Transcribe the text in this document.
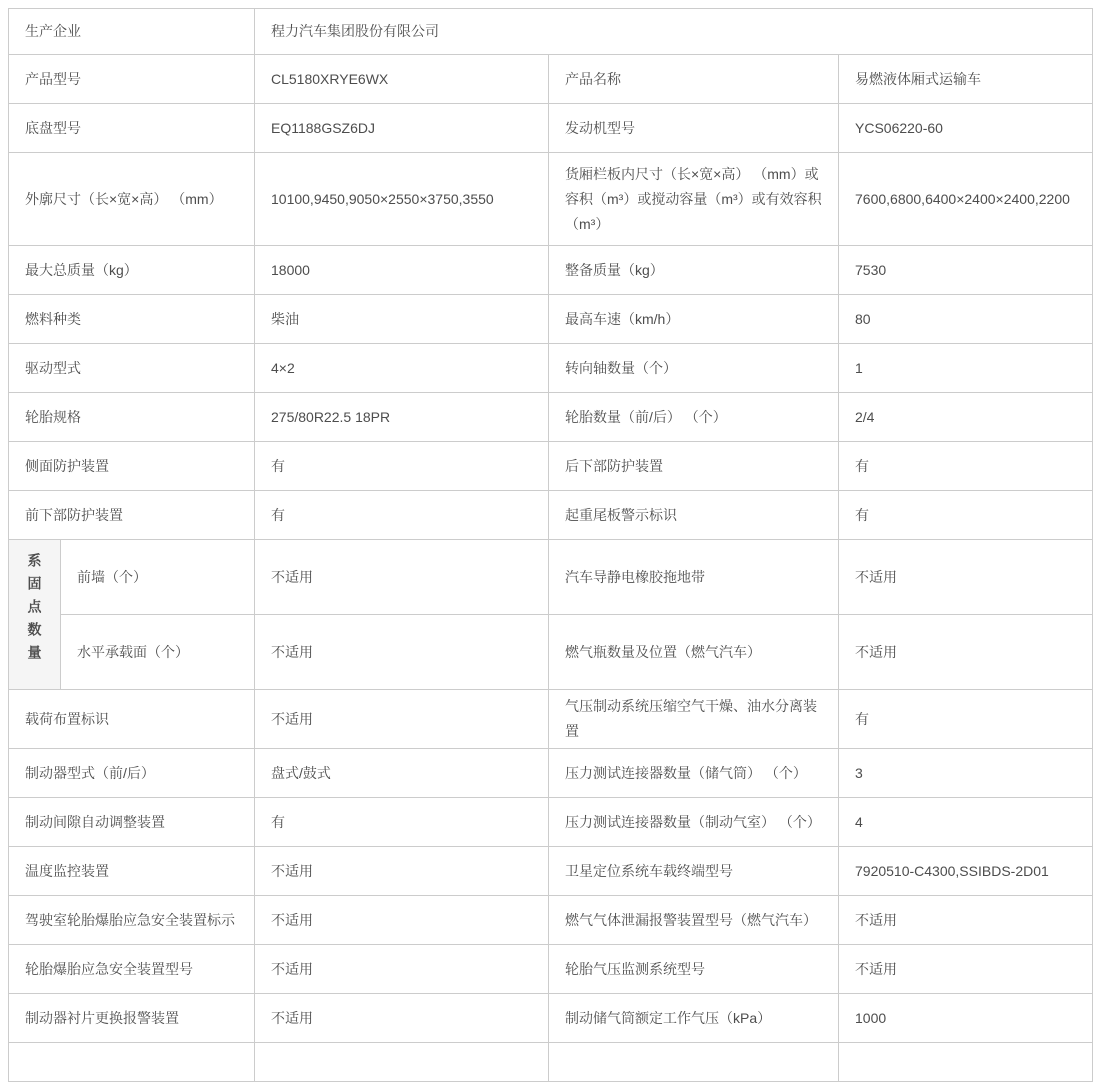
生产企业		程力汽车集团股份有限公司		
产品型号		CL5180XRYE6WX	产品名称	易燃液体厢式运输车
底盘型号		EQ1188GSZ6DJ	发动机型号	YCS06220-60
外廓尺寸（长×宽×高） （mm）		10100,9450,9050×2550×3750,3550	货厢栏板内尺寸（长×宽×高） （mm）或容积（m³）或搅动容量（m³）或有效容积 （m³）	7600,6800,6400×2400×2400,2200
最大总质量（kg）		18000	整备质量（kg）	7530
燃料种类		柴油	最高车速（km/h）	80
驱动型式		4×2	转向轴数量（个）	1
轮胎规格		275/80R22.5 18PR	轮胎数量（前/后） （个）	2/4
侧面防护装置		有	后下部防护装置	有
前下部防护装置		有	起重尾板警示标识	有
系固点数量	前墙（个）	不适用	汽车导静电橡胶拖地带	不适用
	水平承载面（个）	不适用	燃气瓶数量及位置（燃气汽车）	不适用
载荷布置标识		不适用	气压制动系统压缩空气干燥、油水分离装置	有
制动器型式（前/后）		盘式/鼓式	压力测试连接器数量（储气筒） （个）	3
制动间隙自动调整装置		有	压力测试连接器数量（制动气室） （个）	4
温度监控装置		不适用	卫星定位系统车载终端型号	7920510-C4300,SSIBDS-2D01
驾驶室轮胎爆胎应急安全装置标示		不适用	燃气气体泄漏报警装置型号（燃气汽车）	不适用
轮胎爆胎应急安全装置型号		不适用	轮胎气压监测系统型号	不适用
制动器衬片更换报警装置		不适用	制动储气筒额定工作气压（kPa）	1000
